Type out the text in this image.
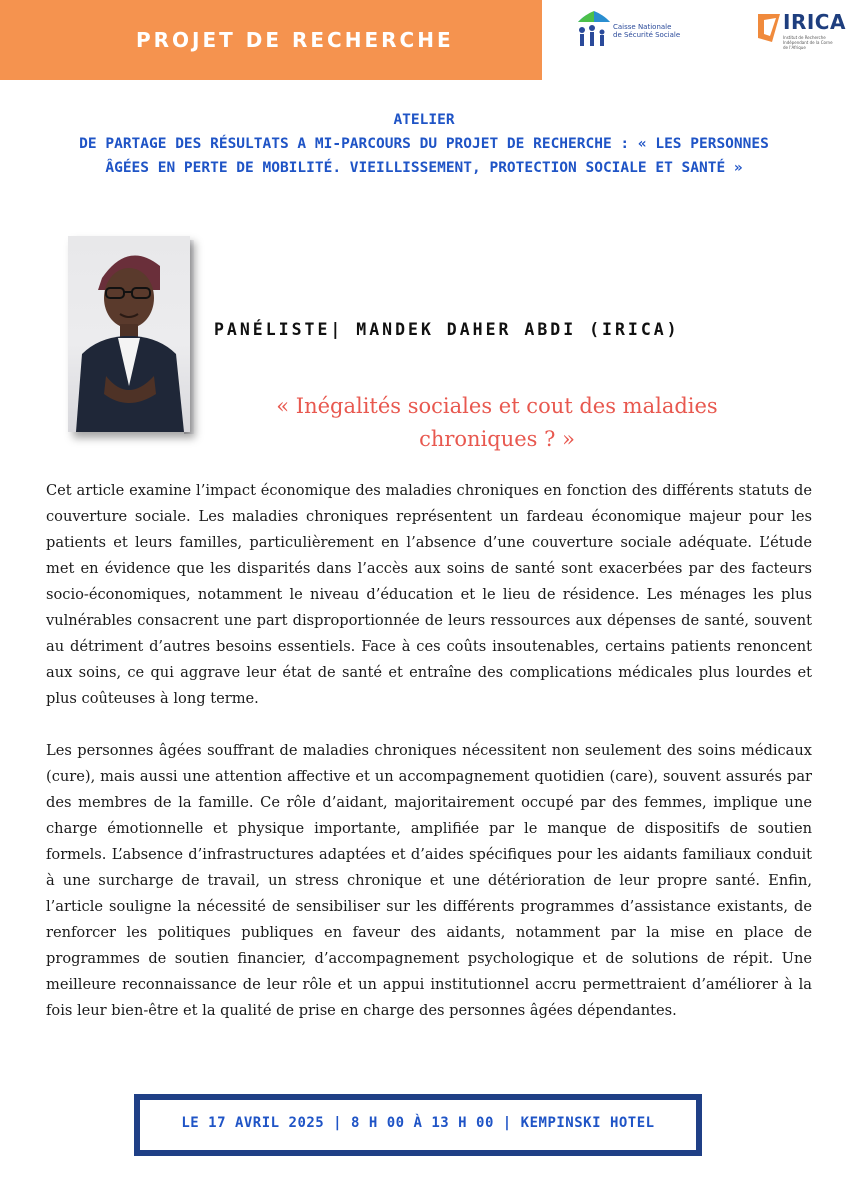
PROJET DE RECHERCHE
Caisse Nationale
de Sécurité Sociale
IRICA
Institut de Recherche Indépendant de la Corne de l'Afrique
ATELIER
DE PARTAGE DES RÉSULTATS A MI-PARCOURS DU PROJET DE RECHERCHE : « LES PERSONNES
ÂGÉES EN PERTE DE MOBILITÉ. VIEILLISSEMENT, PROTECTION SOCIALE ET SANTÉ »
PANÉLISTE| MANDEK DAHER ABDI (IRICA)
« Inégalités sociales et cout des maladies
chroniques ? »

Cet article examine l’impact économique des maladies chroniques en fonction des différents statuts de couverture sociale. Les maladies chroniques représentent un fardeau économique majeur pour les patients et leurs familles, particulièrement en l’absence d’une couverture sociale adéquate. L’étude met en évidence que les disparités dans l’accès aux soins de santé sont exacerbées par des facteurs socio-économiques, notamment le niveau d’éducation et le lieu de résidence. Les ménages les plus vulnérables consacrent une part disproportionnée de leurs ressources aux dépenses de santé, souvent au détriment d’autres besoins essentiels. Face à ces coûts insoutenables, certains patients renoncent aux soins, ce qui aggrave leur état de santé et entraîne des complications médicales plus lourdes et plus coûteuses à long terme.

Les personnes âgées souffrant de maladies chroniques nécessitent non seulement des soins médicaux (cure), mais aussi une attention affective et un accompagnement quotidien (care), souvent assurés par des membres de la famille. Ce rôle d’aidant, majoritairement occupé par des femmes, implique une charge émotionnelle et physique importante, amplifiée par le manque de dispositifs de soutien formels. L’absence d’infrastructures adaptées et d’aides spécifiques pour les aidants familiaux conduit à une surcharge de travail, un stress chronique et une détérioration de leur propre santé. Enfin, l’article souligne la nécessité de sensibiliser sur les différents programmes d’assistance existants, de renforcer les politiques publiques en faveur des aidants, notamment par la mise en place de programmes de soutien financier, d’accompagnement psychologique et de solutions de répit. Une meilleure reconnaissance de leur rôle et un appui institutionnel accru permettraient d’améliorer à la fois leur bien-être et la qualité de prise en charge des personnes âgées dépendantes.

LE 17 AVRIL 2025 | 8 H 00 À 13 H 00 | KEMPINSKI HOTEL
